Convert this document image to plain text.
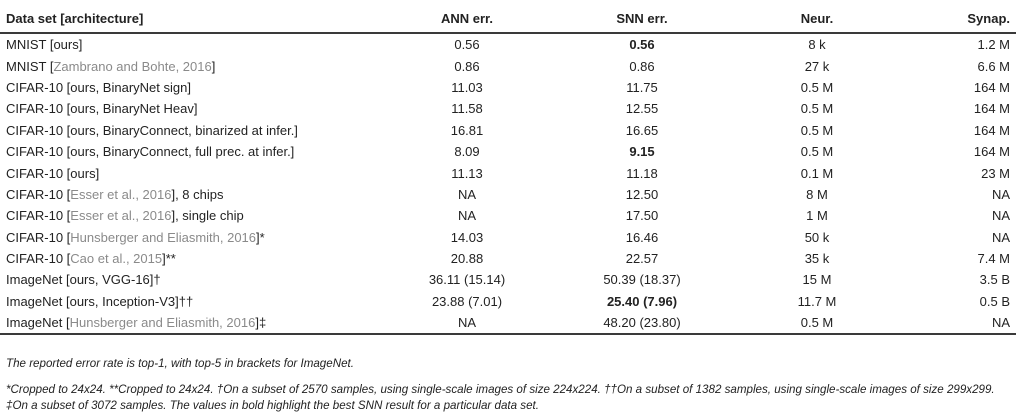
Data set [architecture]	ANN err.	SNN err.	Neur.	Synap.
MNIST [ours]	0.56	0.56	8 k	1.2 M
MNIST [Zambrano and Bohte, 2016]	0.86	0.86	27 k	6.6 M
CIFAR-10 [ours, BinaryNet sign]	11.03	11.75	0.5 M	164 M
CIFAR-10 [ours, BinaryNet Heav]	11.58	12.55	0.5 M	164 M
CIFAR-10 [ours, BinaryConnect, binarized at infer.]	16.81	16.65	0.5 M	164 M
CIFAR-10 [ours, BinaryConnect, full prec. at infer.]	8.09	9.15	0.5 M	164 M
CIFAR-10 [ours]	11.13	11.18	0.1 M	23 M
CIFAR-10 [Esser et al., 2016], 8 chips	NA	12.50	8 M	NA
CIFAR-10 [Esser et al., 2016], single chip	NA	17.50	1 M	NA
CIFAR-10 [Hunsberger and Eliasmith, 2016]*	14.03	16.46	50 k	NA
CIFAR-10 [Cao et al., 2015]**	20.88	22.57	35 k	7.4 M
ImageNet [ours, VGG-16]†	36.11 (15.14)	50.39 (18.37)	15 M	3.5 B
ImageNet [ours, Inception-V3]††	23.88 (7.01)	25.40 (7.96)	11.7 M	0.5 B
ImageNet [Hunsberger and Eliasmith, 2016]‡	NA	48.20 (23.80)	0.5 M	NA

The reported error rate is top-1, with top-5 in brackets for ImageNet.

*Cropped to 24x24. **Cropped to 24x24. †On a subset of 2570 samples, using single-scale images of size 224x224. ††On a subset of 1382 samples, using single-scale images of size 299x299. ‡On a subset of 3072 samples. The values in bold highlight the best SNN result for a particular data set.
